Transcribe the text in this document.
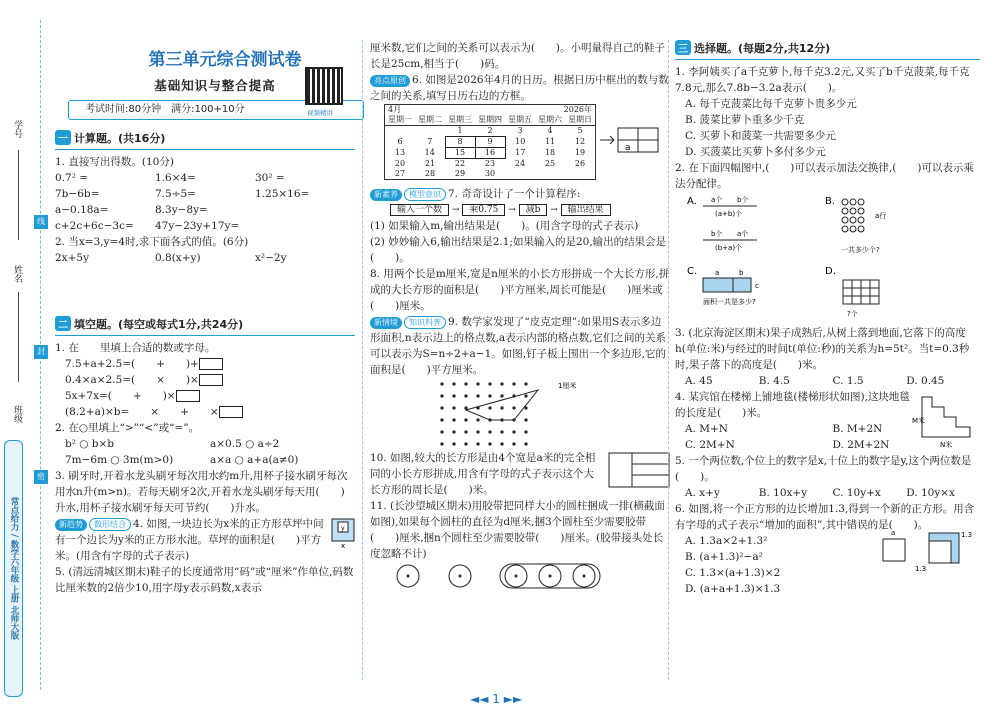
学号
姓名
班级
线
封
密
常点给力 / 数学六年级 上册 北师大版
第三单元综合测试卷
基础知识与整合提高
考试时间:80分钟　满分:100+10分	视频精讲
一 计算题。(共16分)
1. 直接写出得数。(10分)
0.7² =	1.6×4=	30² =
7b−6b=	7.5÷5=	1.25×16=
a−0.18a=	8.3y−8y=
c+2c+6c−3c=	47y−23y+17y=
2. 当x=3,y=4时,求下面各式的值。(6分)
2x+5y	0.8(x+y)	x²−2y
二 填空题。(每空或每式1分,共24分)
1. 在　　里填上合适的数或字母。
7.5+a+2.5=(　　+　　)+
0.4×a×2.5=(　　×　　)×
5x+7x=(　　+　　)×
(8.2+a)×b=　　×　　+　　×
2. 在○里填上“>”“<”或“=”。
b² ○ b×b	a×0.5 ○ a÷2
7m−6m ○ 3m(m>0)	a×a ○ a+a(a≠0)
3. 刷牙时,开着水龙头刷牙每次用水约m升,用杯子接水刷牙每次用水n升(m>n)。若每天刷牙2次,开着水龙头刷牙每天用(　　)升水,用杯子接水刷牙每天可节约(　　)升水。
新趋势 数形结合 4. 如图,一块边长为x米的正方形草坪中间有一个边长为y米的正方形水池。草坪的面积是(　　)平方米。(用含有字母的式子表示)
y
x
5. (清远清城区期末)鞋子的长度通常用“码”或“厘米”作单位,码数比厘米数的2倍少10,用字母y表示码数,x表示
厘米数,它们之间的关系可以表示为(　　)。小明量得自己的鞋子长是25cm,相当于(　　)码。
亮点原创 6. 如图是2026年4月的日历。根据日历中框出的数与数之间的关系,填写日历右边的方框。
4月				2026年		
星期一	星期二	星期三	星期四	星期五	星期六	星期日
		1	2	3	4	5
6	7	8	9	10	11	12
13	14	15	16	17	18	19
20	21	22	23	24	25	26
27	28	29	30			
a
新素养 模型意识 7. 奇奇设计了一个计算程序:
输入一个数 → 乘0.75 → 减b → 输出结果
(1) 如果输入m,输出结果是(　　)。(用含字母的式子表示)
(2) 妙妙输入6,输出结果是2.1;如果输入的是20,输出的结果会是(　　)。
8. 用两个长是m厘米,宽是n厘米的小长方形拼成一个大长方形,拼成的大长方形的面积是(　　)平方厘米,周长可能是(　　)厘米或(　　)厘米。
新情境 知识科普 9. 数学家发现了“皮克定理”:如果用S表示多边形面积,n表示边上的格点数,a表示内部的格点数,它们之间的关系可以表示为S=n÷2+a−1。如图,钉子板上围出一个多边形,它的面积是(　　)平方厘米。
1厘米
10. 如图,较大的长方形是由4个宽是a米的完全相同的小长方形拼成,用含有字母的式子表示这个大长方形的周长是(　　)米。
11. (长沙望城区期末)用胶带把同样大小的圆柱捆成一排(横截面如图),如果每个圆柱的直径为d厘米,捆3个圆柱至少需要胶带(　　)厘米,捆n个圆柱至少需要胶带(　　)厘米。(胶带接头处长度忽略不计)
三 选择题。(每题2分,共12分)
1. 李阿姨买了a千克萝卜,每千克3.2元,又买了b千克菠菜,每千克7.8元,那么7.8b−3.2a表示(　　)。
A. 每千克菠菜比每千克萝卜贵多少元
B. 菠菜比萝卜重多少千克
C. 买萝卜和菠菜一共需要多少元
D. 买菠菜比买萝卜多付多少元
2. 在下面四幅图中,(　　)可以表示加法交换律,(　　)可以表示乘法分配律。
A. a个 b个
(a+b)个
b个 a个
(b+a)个
B.
a行
一共多少个?
C.	a	b
c
面积一共是多少?
D.
?个
3. (北京海淀区期末)果子成熟后,从树上落到地面,它落下的高度h(单位:米)与经过的时间t(单位:秒)的关系为h=5t²。当t=0.3秒时,果子落下的高度是(　　)米。
A. 45	B. 4.5	C. 1.5	D. 0.45
4. 某宾馆在楼梯上铺地毯(楼梯形状如图),这块地毯的长度是(　　)米。
M米
N米
A. M+N	B. M+2N
C. 2M+N	D. 2M+2N
5. 一个两位数,个位上的数字是x,十位上的数字是y,这个两位数是(　　)。
A. x+y	B. 10x+y	C. 10y+x	D. 10y×x
6. 如图,将一个正方形的边长增加1.3,得到一个新的正方形。用含有字母的式子表示“增加的面积”,其中错误的是(　　)。
A. 1.3a×2+1.3²
B. (a+1.3)²−a²
C. 1.3×(a+1.3)×2
D. (a+a+1.3)×1.3
a	1.3
1.3
◄◄ 1 ►►
